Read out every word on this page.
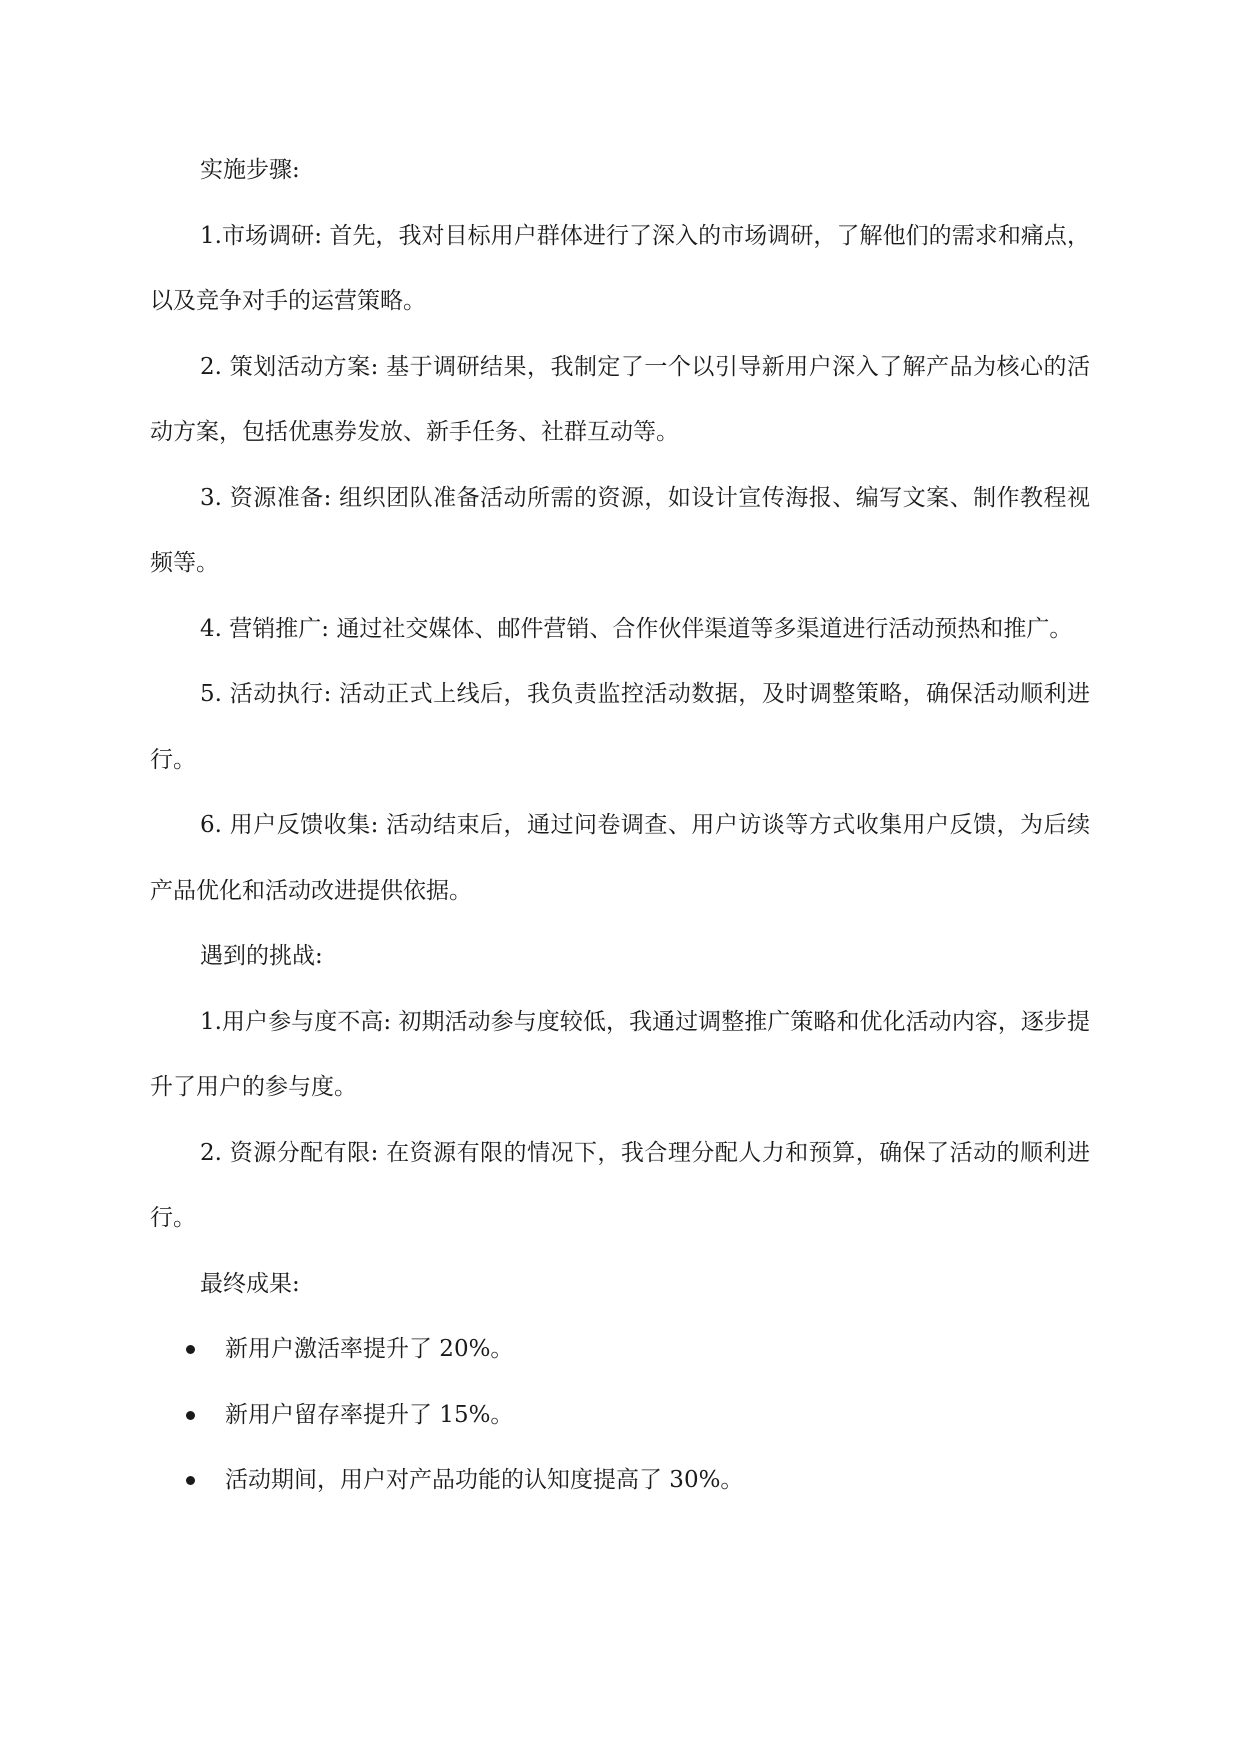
实施步骤:

1.市场调研: 首先，我对目标用户群体进行了深入的市场调研，了解他们的需求和痛点，以及竞争对手的运营策略。

2. 策划活动方案: 基于调研结果，我制定了一个以引导新用户深入了解产品为核心的活动方案，包括优惠券发放、新手任务、社群互动等。

3. 资源准备: 组织团队准备活动所需的资源，如设计宣传海报、编写文案、制作教程视频等。

4. 营销推广: 通过社交媒体、邮件营销、合作伙伴渠道等多渠道进行活动预热和推广。

5. 活动执行: 活动正式上线后，我负责监控活动数据，及时调整策略，确保活动顺利进行。

6. 用户反馈收集: 活动结束后，通过问卷调查、用户访谈等方式收集用户反馈，为后续产品优化和活动改进提供依据。

遇到的挑战:

1.用户参与度不高: 初期活动参与度较低，我通过调整推广策略和优化活动内容，逐步提升了用户的参与度。

2. 资源分配有限: 在资源有限的情况下，我合理分配人力和预算，确保了活动的顺利进行。

最终成果:

新用户激活率提升了 20%。
新用户留存率提升了 15%。
活动期间，用户对产品功能的认知度提高了 30%。
